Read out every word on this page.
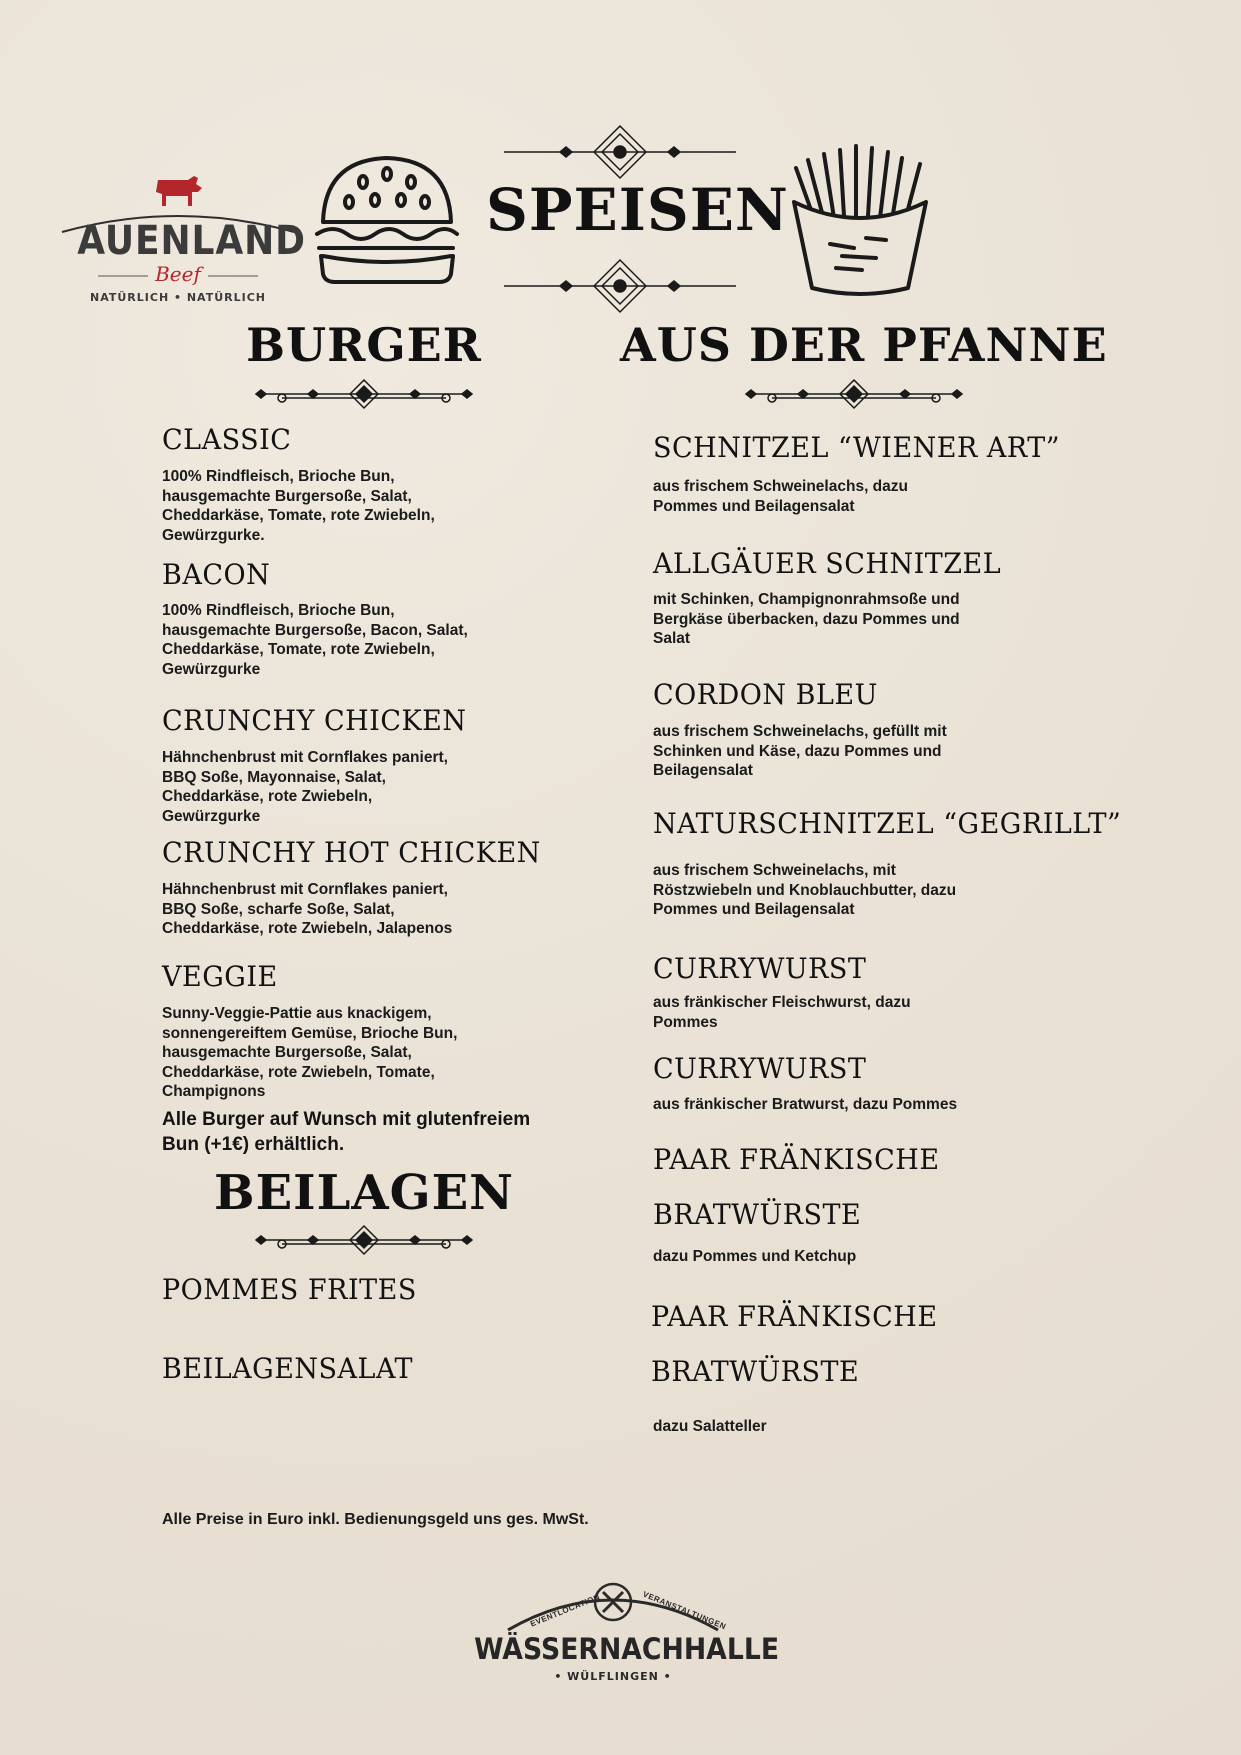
AUENLAND
Beef
NATÜRLICH • NATÜRLICH
SPEISEN
BURGER
CLASSIC
100% Rindfleisch, Brioche Bun,
hausgemachte Burgersoße, Salat,
Cheddarkäse, Tomate, rote Zwiebeln,
Gewürzgurke.
BACON
100% Rindfleisch, Brioche Bun,
hausgemachte Burgersoße, Bacon, Salat,
Cheddarkäse, Tomate, rote Zwiebeln,
Gewürzgurke
CRUNCHY CHICKEN
Hähnchenbrust mit Cornflakes paniert,
BBQ Soße, Mayonnaise, Salat,
Cheddarkäse, rote Zwiebeln,
Gewürzgurke
CRUNCHY HOT CHICKEN
Hähnchenbrust mit Cornflakes paniert,
BBQ Soße, scharfe Soße, Salat,
Cheddarkäse, rote Zwiebeln, Jalapenos
VEGGIE
Sunny-Veggie-Pattie aus knackigem,
sonnengereiftem Gemüse, Brioche Bun,
hausgemachte Burgersoße, Salat,
Cheddarkäse, rote Zwiebeln, Tomate,
Champignons
Alle Burger auf Wunsch mit glutenfreiem
Bun (+1€) erhältlich.
BEILAGEN
POMMES FRITES
BEILAGENSALAT
AUS DER PFANNE
SCHNITZEL “WIENER ART”
aus frischem Schweinelachs, dazu
Pommes und Beilagensalat
ALLGÄUER SCHNITZEL
mit Schinken, Champignonrahmsoße und
Bergkäse überbacken, dazu Pommes und
Salat
CORDON BLEU
aus frischem Schweinelachs, gefüllt mit
Schinken und Käse, dazu Pommes und
Beilagensalat
NATURSCHNITZEL “GEGRILLT”
aus frischem Schweinelachs, mit
Röstzwiebeln und Knoblauchbutter, dazu
Pommes und Beilagensalat
CURRYWURST
aus fränkischer Fleischwurst, dazu
Pommes
CURRYWURST
aus fränkischer Bratwurst, dazu Pommes
PAAR FRÄNKISCHE
BRATWÜRSTE
dazu Pommes und Ketchup
PAAR FRÄNKISCHE
BRATWÜRSTE
dazu Salatteller
Alle Preise in Euro inkl. Bedienungsgeld uns ges. MwSt.
EVENTLOCATION	VERANSTALTUNGEN
WÄSSERNACHHALLE
• WÜLFLINGEN •
